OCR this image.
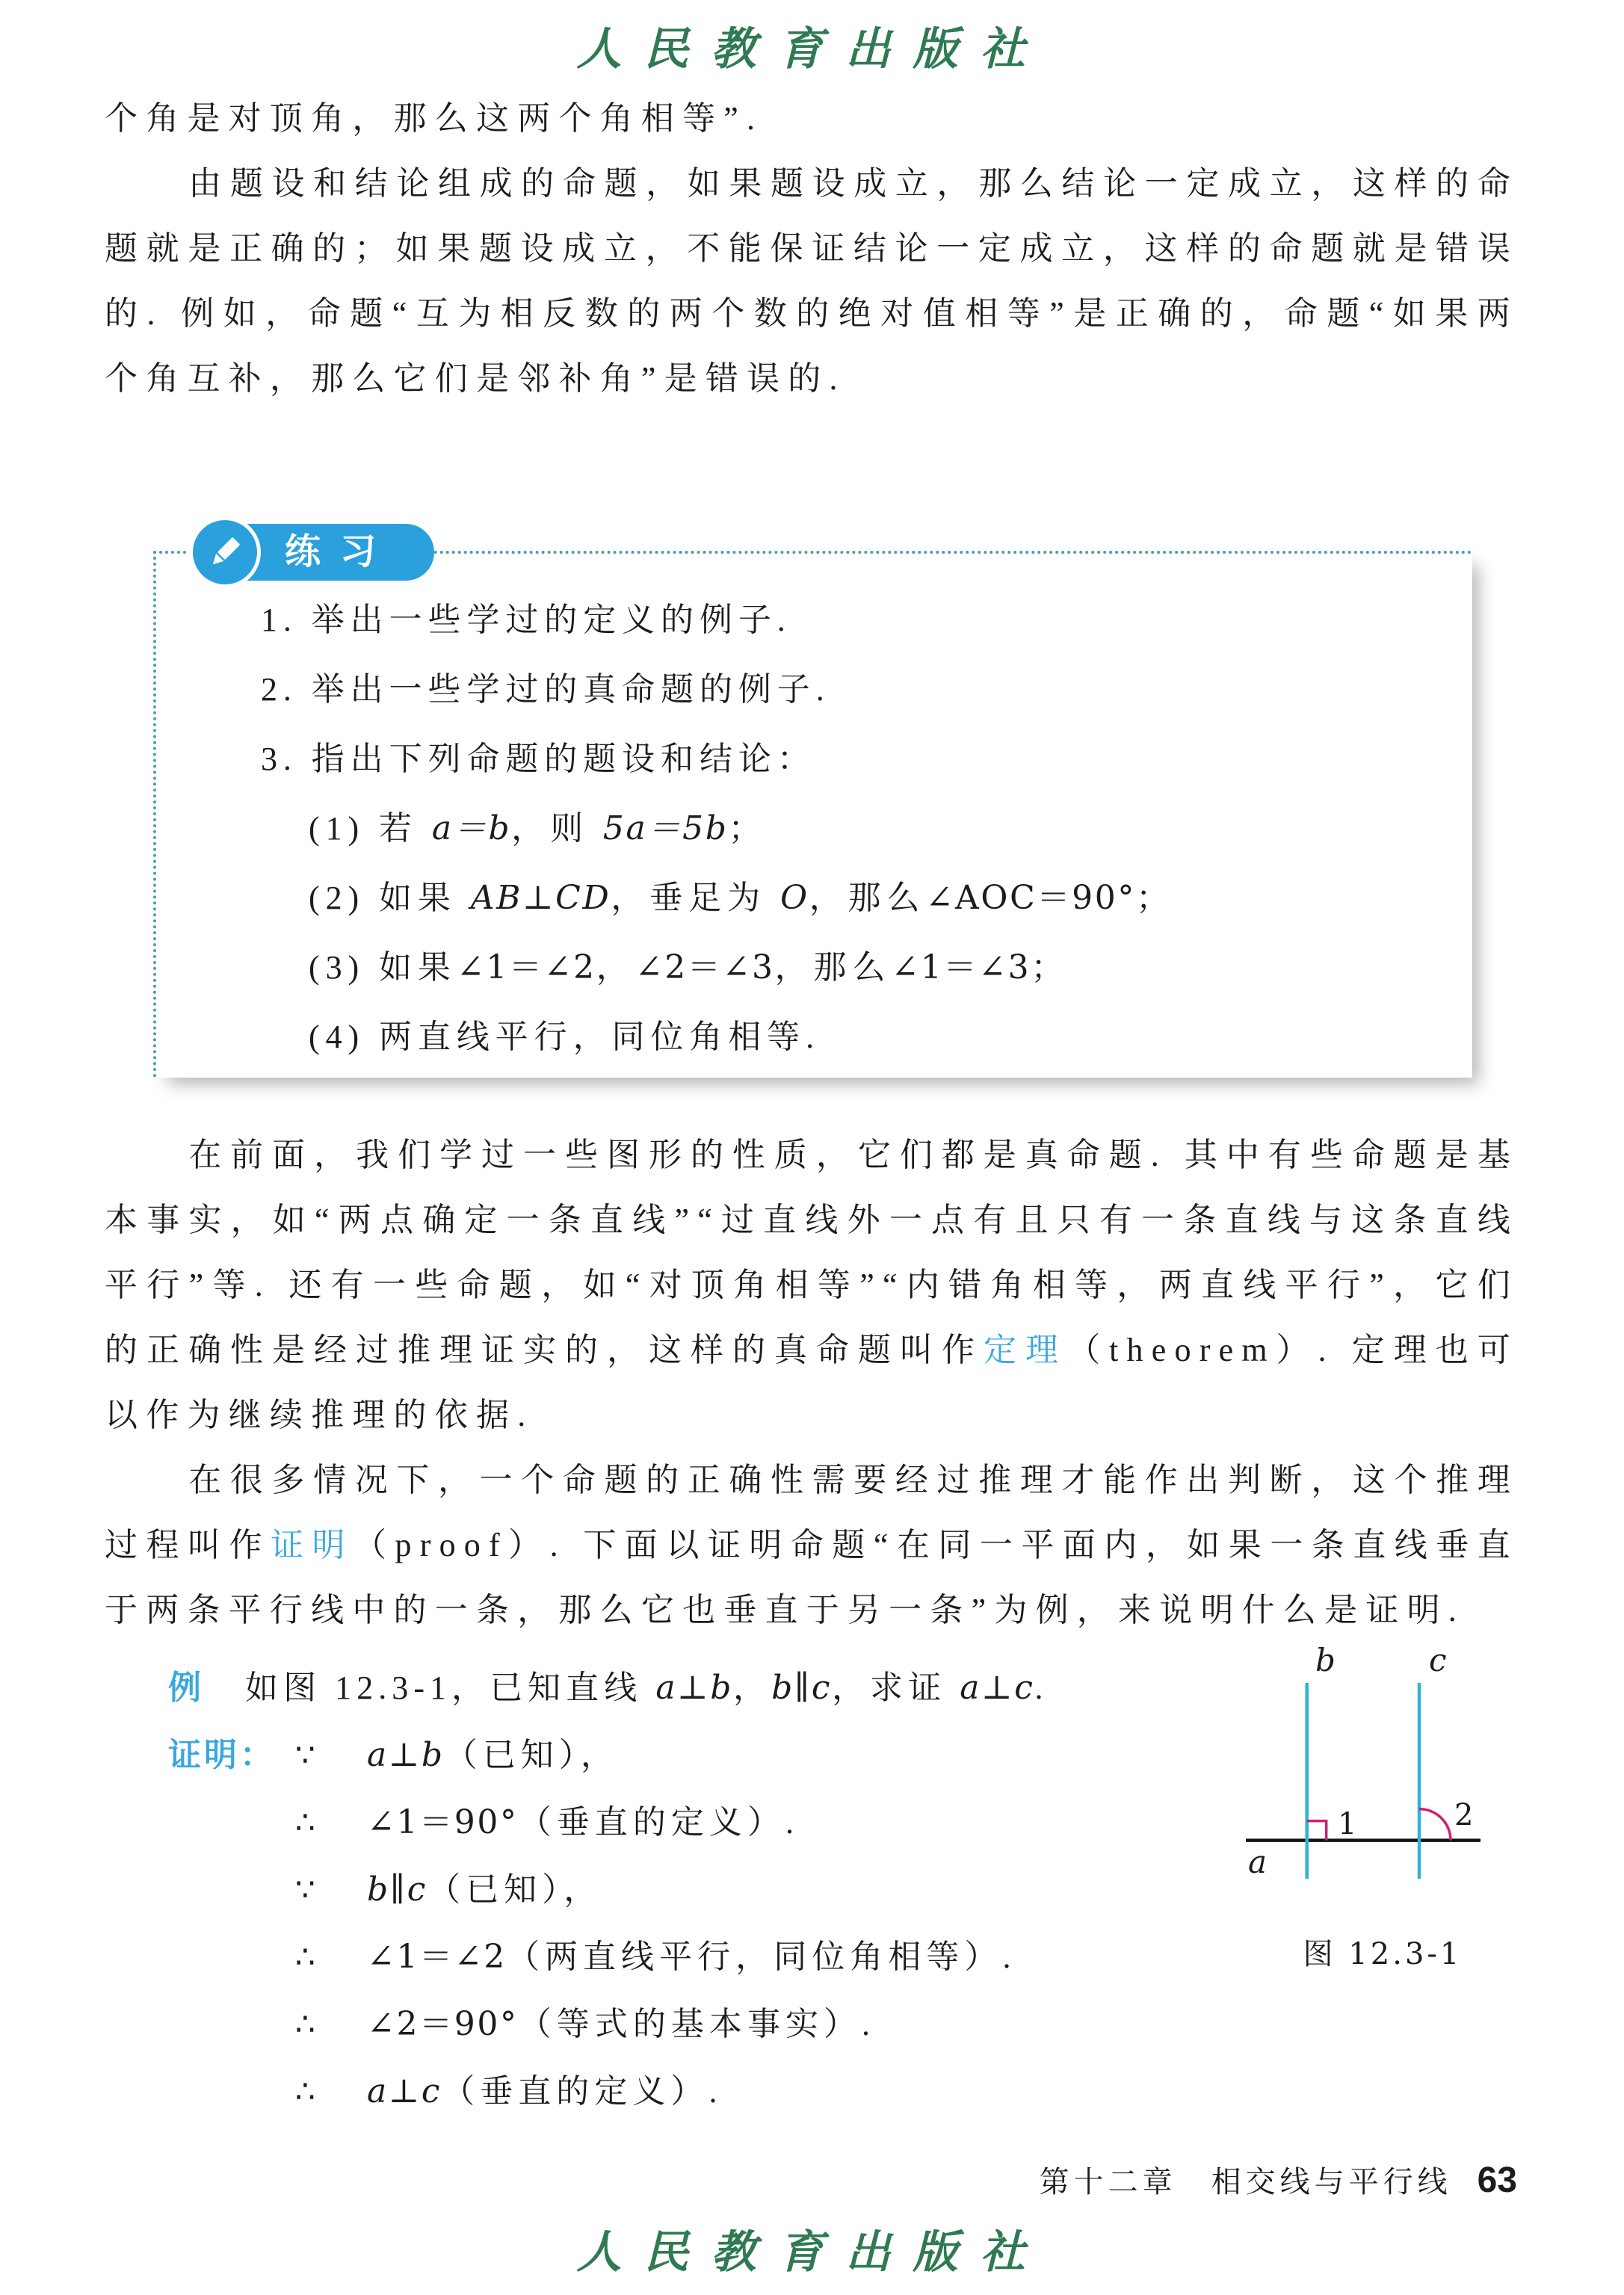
人民教育出版社

个角是对顶角，那么这两个角相等”.

由题设和结论组成的命题，如果题设成立，那么结论一定成立，这样的命题就是正确的；如果题设成立，不能保证结论一定成立，这样的命题就是错误的. 例如，命题“互为相反数的两个数的绝对值相等”是正确的，命题“如果两个角互补，那么它们是邻补角”是错误的.

练习
1. 举出一些学过的定义的例子.
2. 举出一些学过的真命题的例子.
3. 指出下列命题的题设和结论：
(1) 若 a＝b，则 5a＝5b；
(2) 如果 AB⊥CD，垂足为 O，那么∠AOC＝90°；
(3) 如果∠1＝∠2，∠2＝∠3，那么∠1＝∠3；
(4) 两直线平行，同位角相等.

在前面，我们学过一些图形的性质，它们都是真命题. 其中有些命题是基本事实，如“两点确定一条直线”“过直线外一点有且只有一条直线与这条直线平行”等. 还有一些命题，如“对顶角相等”“内错角相等，两直线平行”，它们的正确性是经过推理证实的，这样的真命题叫作定理（theorem）. 定理也可以作为继续推理的依据.

在很多情况下，一个命题的正确性需要经过推理才能作出判断，这个推理过程叫作证明（proof）. 下面以证明命题“在同一平面内，如果一条直线垂直于两条平行线中的一条，那么它也垂直于另一条”为例，来说明什么是证明.

例 如图 12.3-1，已知直线 a⊥b，b∥c，求证 a⊥c.
证明： ∵	a⊥b（已知），
∴	∠1＝90°（垂直的定义）.
∵	b∥c（已知），
∴	∠1＝∠2（两直线平行，同位角相等）.
∴	∠2＝90°（等式的基本事实）.
∴	a⊥c（垂直的定义）.
b	c
a
1	2
图 12.3-1
第十二章　相交线与平行线 63
人民教育出版社
